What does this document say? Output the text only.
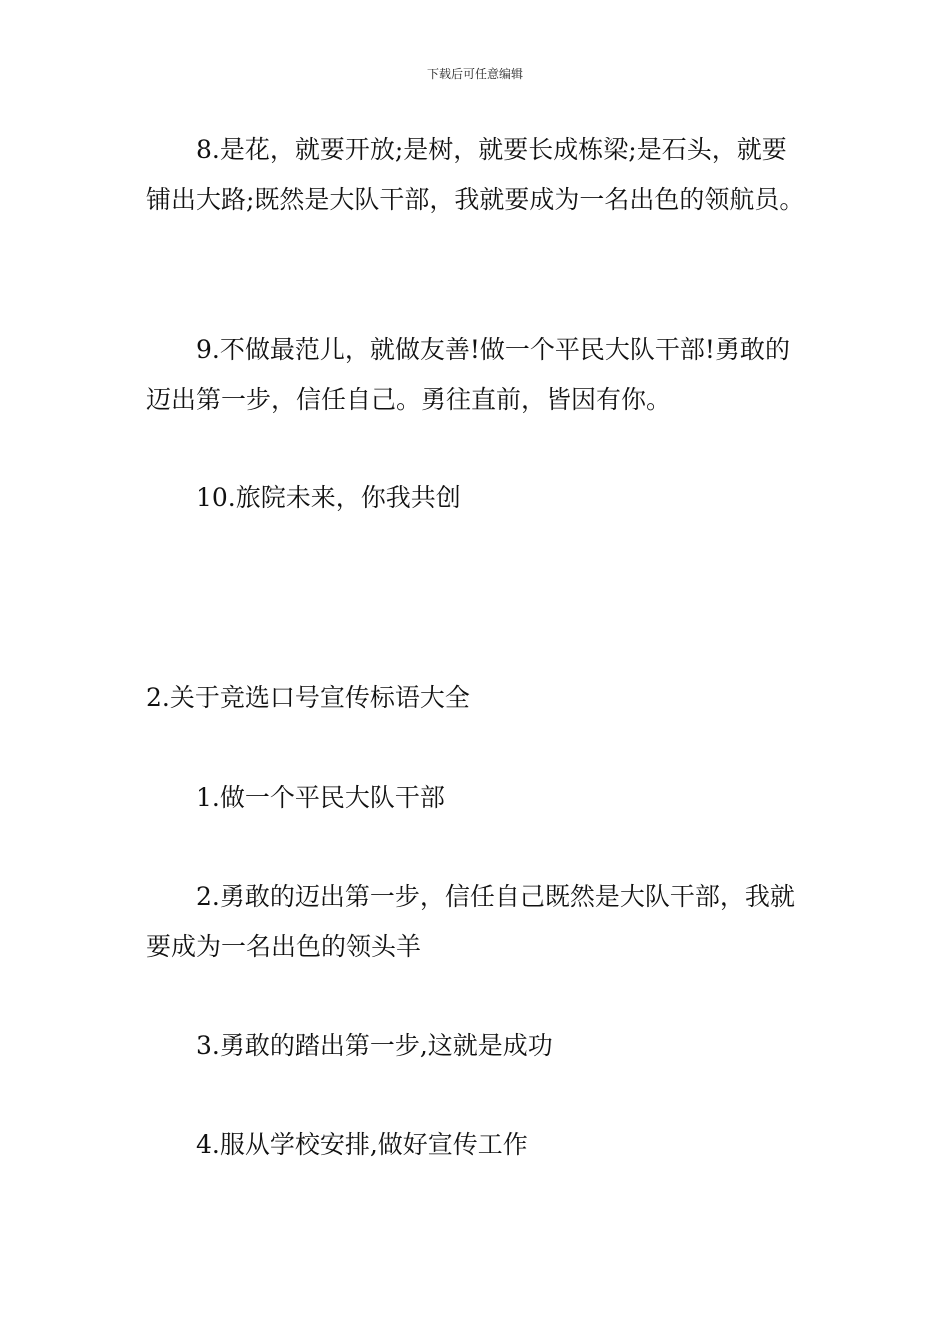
下载后可任意编辑

8.是花，就要开放;是树，就要长成栋梁;是石头，就要铺出大路;既然是大队干部，我就要成为一名出色的领航员。

9.不做最范儿，就做友善!做一个平民大队干部!勇敢的迈出第一步，信任自己。勇往直前，皆因有你。

10.旅院未来，你我共创

2.关于竞选口号宣传标语大全

1.做一个平民大队干部

2.勇敢的迈出第一步，信任自己既然是大队干部，我就要成为一名出色的领头羊

3.勇敢的踏出第一步,这就是成功

4.服从学校安排,做好宣传工作
